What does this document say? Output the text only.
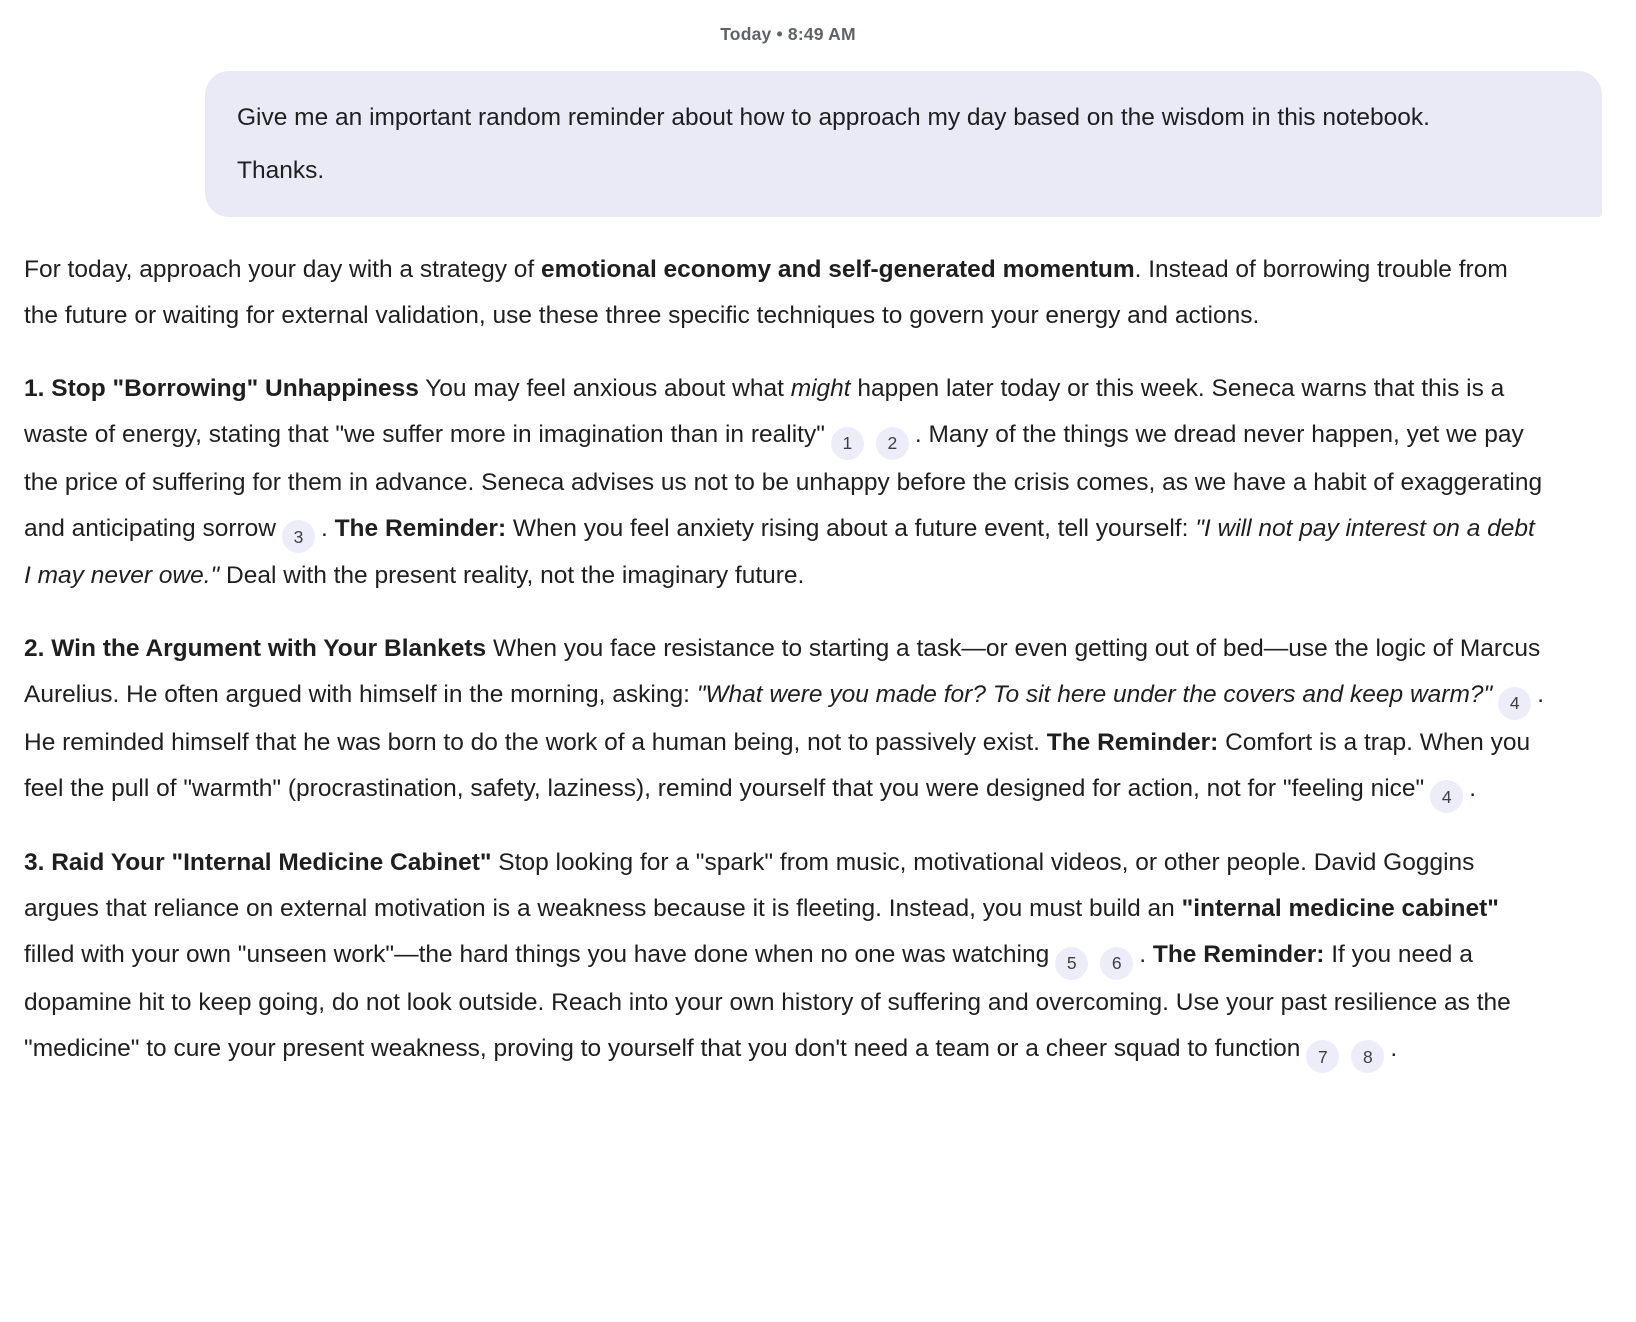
Today • 8:49 AM
Give me an important random reminder about how to approach my day based on the wisdom in this notebook. Thanks.

For today, approach your day with a strategy of emotional economy and self-generated momentum. Instead of borrowing trouble from the future or waiting for external validation, use these three specific techniques to govern your energy and actions.

1. Stop "Borrowing" Unhappiness You may feel anxious about what might happen later today or this week. Seneca warns that this is a waste of energy, stating that "we suffer more in imagination than in reality" 1 2 . Many of the things we dread never happen, yet we pay the price of suffering for them in advance. Seneca advises us not to be unhappy before the crisis comes, as we have a habit of exaggerating and anticipating sorrow 3 . The Reminder: When you feel anxiety rising about a future event, tell yourself: "I will not pay interest on a debt I may never owe." Deal with the present reality, not the imaginary future.

2. Win the Argument with Your Blankets When you face resistance to starting a task—or even getting out of bed—use the logic of Marcus Aurelius. He often argued with himself in the morning, asking: "What were you made for? To sit here under the covers and keep warm?" 4 . He reminded himself that he was born to do the work of a human being, not to passively exist. The Reminder: Comfort is a trap. When you feel the pull of "warmth" (procrastination, safety, laziness), remind yourself that you were designed for action, not for "feeling nice" 4 .

3. Raid Your "Internal Medicine Cabinet" Stop looking for a "spark" from music, motivational videos, or other people. David Goggins argues that reliance on external motivation is a weakness because it is fleeting. Instead, you must build an "internal medicine cabinet" filled with your own "unseen work"—the hard things you have done when no one was watching 5 6 . The Reminder: If you need a dopamine hit to keep going, do not look outside. Reach into your own history of suffering and overcoming. Use your past resilience as the "medicine" to cure your present weakness, proving to yourself that you don't need a team or a cheer squad to function 7 8 .
